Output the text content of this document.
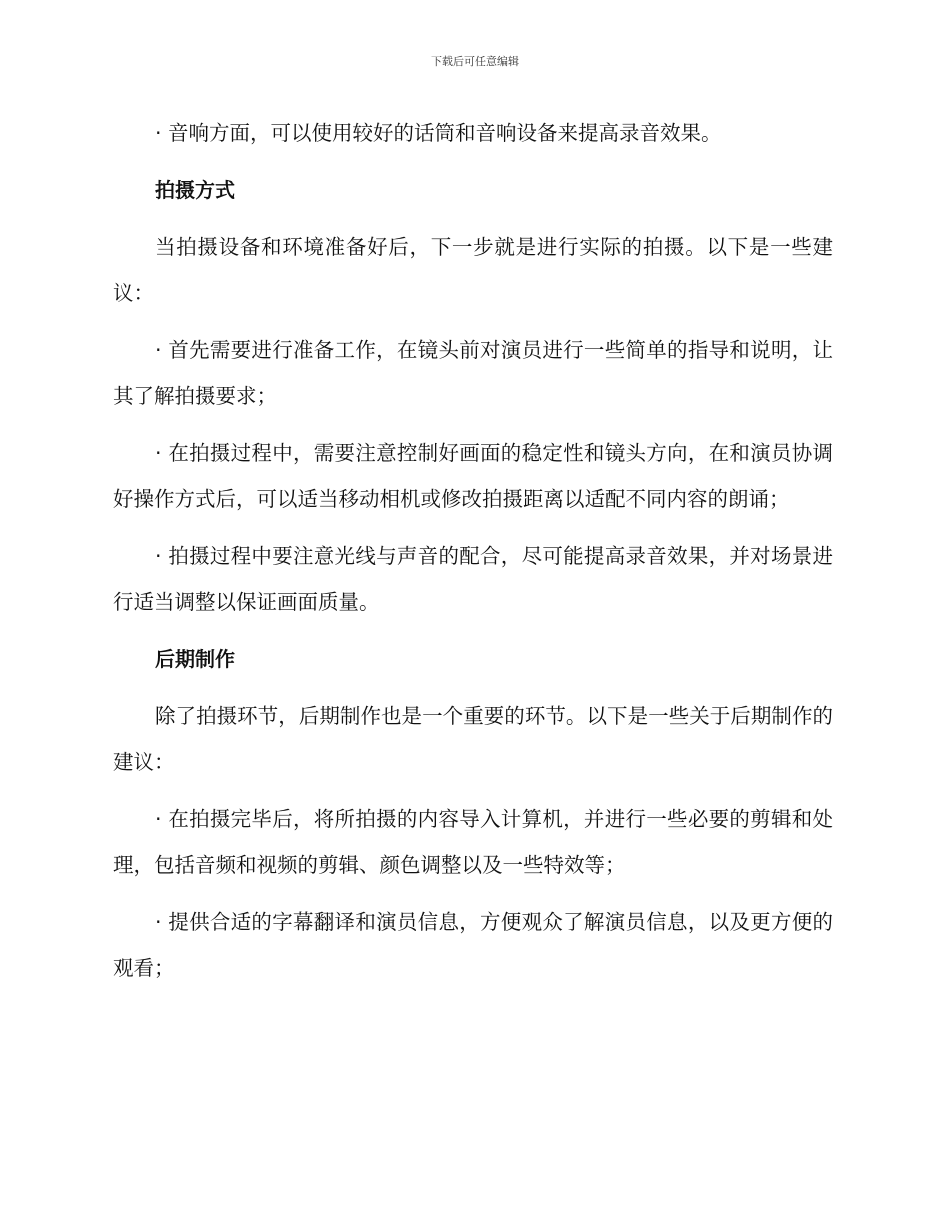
下载后可任意编辑

· 音响方面，可以使用较好的话筒和音响设备来提高录音效果。

拍摄方式

当拍摄设备和环境准备好后，下一步就是进行实际的拍摄。以下是一些建议：

· 首先需要进行准备工作，在镜头前对演员进行一些简单的指导和说明，让其了解拍摄要求；

· 在拍摄过程中，需要注意控制好画面的稳定性和镜头方向，在和演员协调好操作方式后，可以适当移动相机或修改拍摄距离以适配不同内容的朗诵；

· 拍摄过程中要注意光线与声音的配合，尽可能提高录音效果，并对场景进行适当调整以保证画面质量。

后期制作

除了拍摄环节，后期制作也是一个重要的环节。以下是一些关于后期制作的建议：

· 在拍摄完毕后，将所拍摄的内容导入计算机，并进行一些必要的剪辑和处理，包括音频和视频的剪辑、颜色调整以及一些特效等；

· 提供合适的字幕翻译和演员信息，方便观众了解演员信息，以及更方便的观看；
